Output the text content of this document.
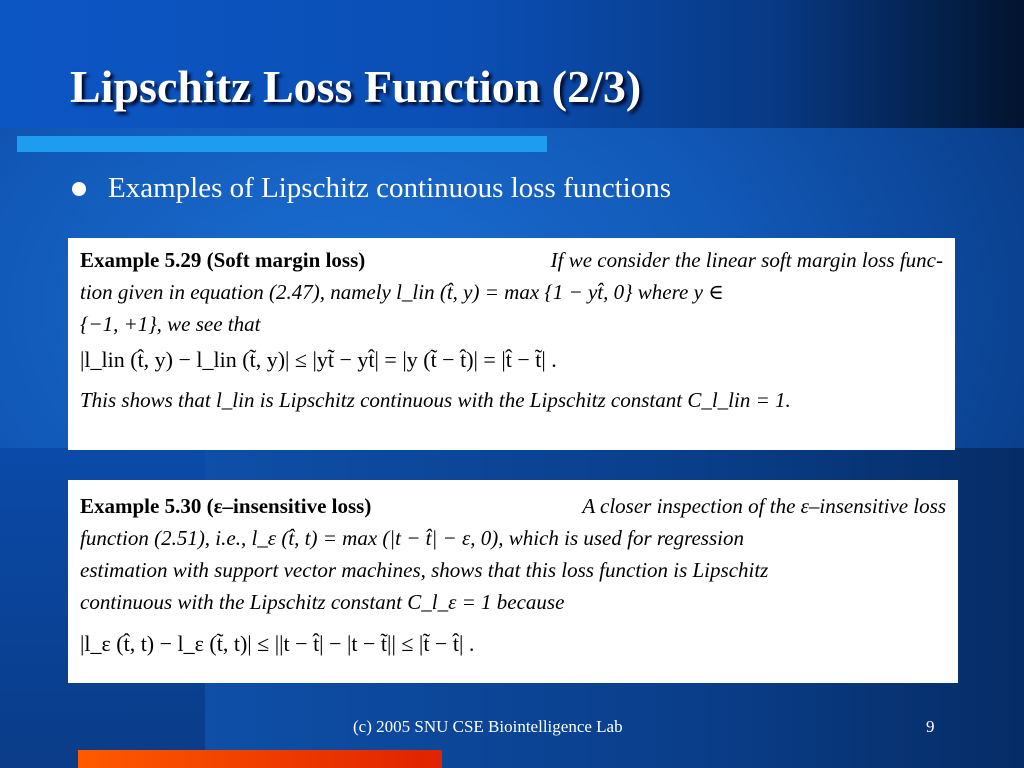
Lipschitz Loss Function (2/3)
Examples of Lipschitz continuous loss functions
Example 5.29 (Soft margin loss)	If we consider the linear soft margin loss func-
tion given in equation (2.47), namely l_lin (t̂, y) = max {1 − yt̂, 0} where y ∈
{−1, +1}, we see that
|l_lin (t̂, y) − l_lin (t̃, y)| ≤ |yt̃ − yt̂| = |y (t̃ − t̂)| = |t̂ − t̃| .
This shows that l_lin is Lipschitz continuous with the Lipschitz constant C_l_lin = 1.
Example 5.30 (ε–insensitive loss)	A closer inspection of the ε–insensitive loss
function (2.51), i.e., l_ε (t̂, t) = max (|t − t̂| − ε, 0), which is used for regression
estimation with support vector machines, shows that this loss function is Lipschitz
continuous with the Lipschitz constant C_l_ε = 1 because
|l_ε (t̂, t) − l_ε (t̃, t)| ≤ ||t − t̂| − |t − t̃|| ≤ |t̃ − t̂| .
(c) 2005 SNU CSE Biointelligence Lab	9
